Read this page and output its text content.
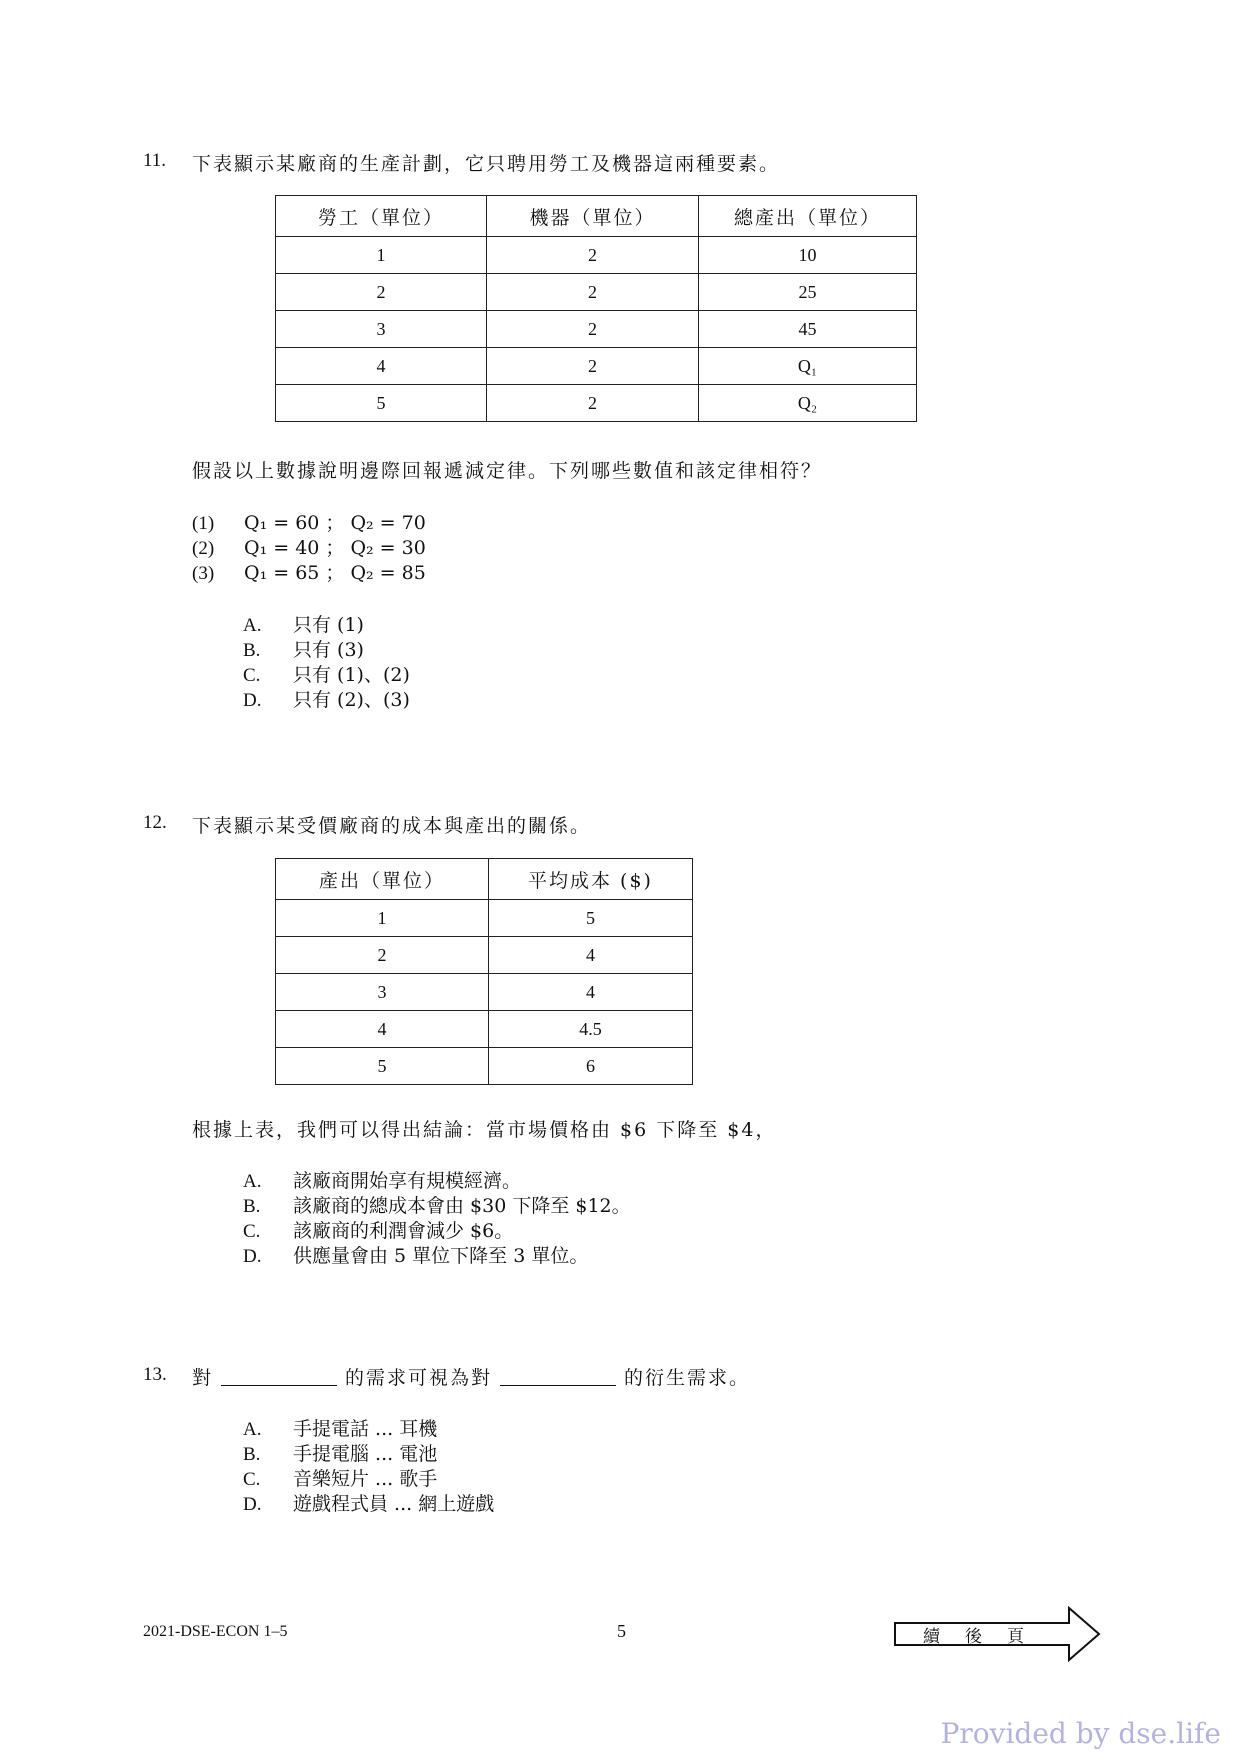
11. 下表顯示某廠商的生產計劃，它只聘用勞工及機器這兩種要素。
勞工（單位）	機器（單位）	總產出（單位）
1	2	10
2	2	25
3	2	45
4	2	Q₁
5	2	Q₂
假設以上數據說明邊際回報遞減定律。下列哪些數值和該定律相符？
(1) Q₁ = 60 ； Q₂ = 70
(2) Q₁ = 40 ； Q₂ = 30
(3) Q₁ = 65 ； Q₂ = 85
A. 只有 (1)
B. 只有 (3)
C. 只有 (1)、(2)
D. 只有 (2)、(3)
12. 下表顯示某受價廠商的成本與產出的關係。
產出（單位）	平均成本 ($)
1	5
2	4
3	4
4	4.5
5	6
根據上表，我們可以得出結論：當市場價格由 $6 下降至 $4，
A. 該廠商開始享有規模經濟。
B. 該廠商的總成本會由 $30 下降至 $12。
C. 該廠商的利潤會減少 $6。
D. 供應量會由 5 單位下降至 3 單位。
13. 對	的需求可視為對	的衍生需求。
A. 手提電話 ... 耳機
B. 手提電腦 ... 電池
C. 音樂短片 ... 歌手
D. 遊戲程式員 ... 網上遊戲
2021-DSE-ECON 1–5	5	續　後　頁
Provided by dse.life
